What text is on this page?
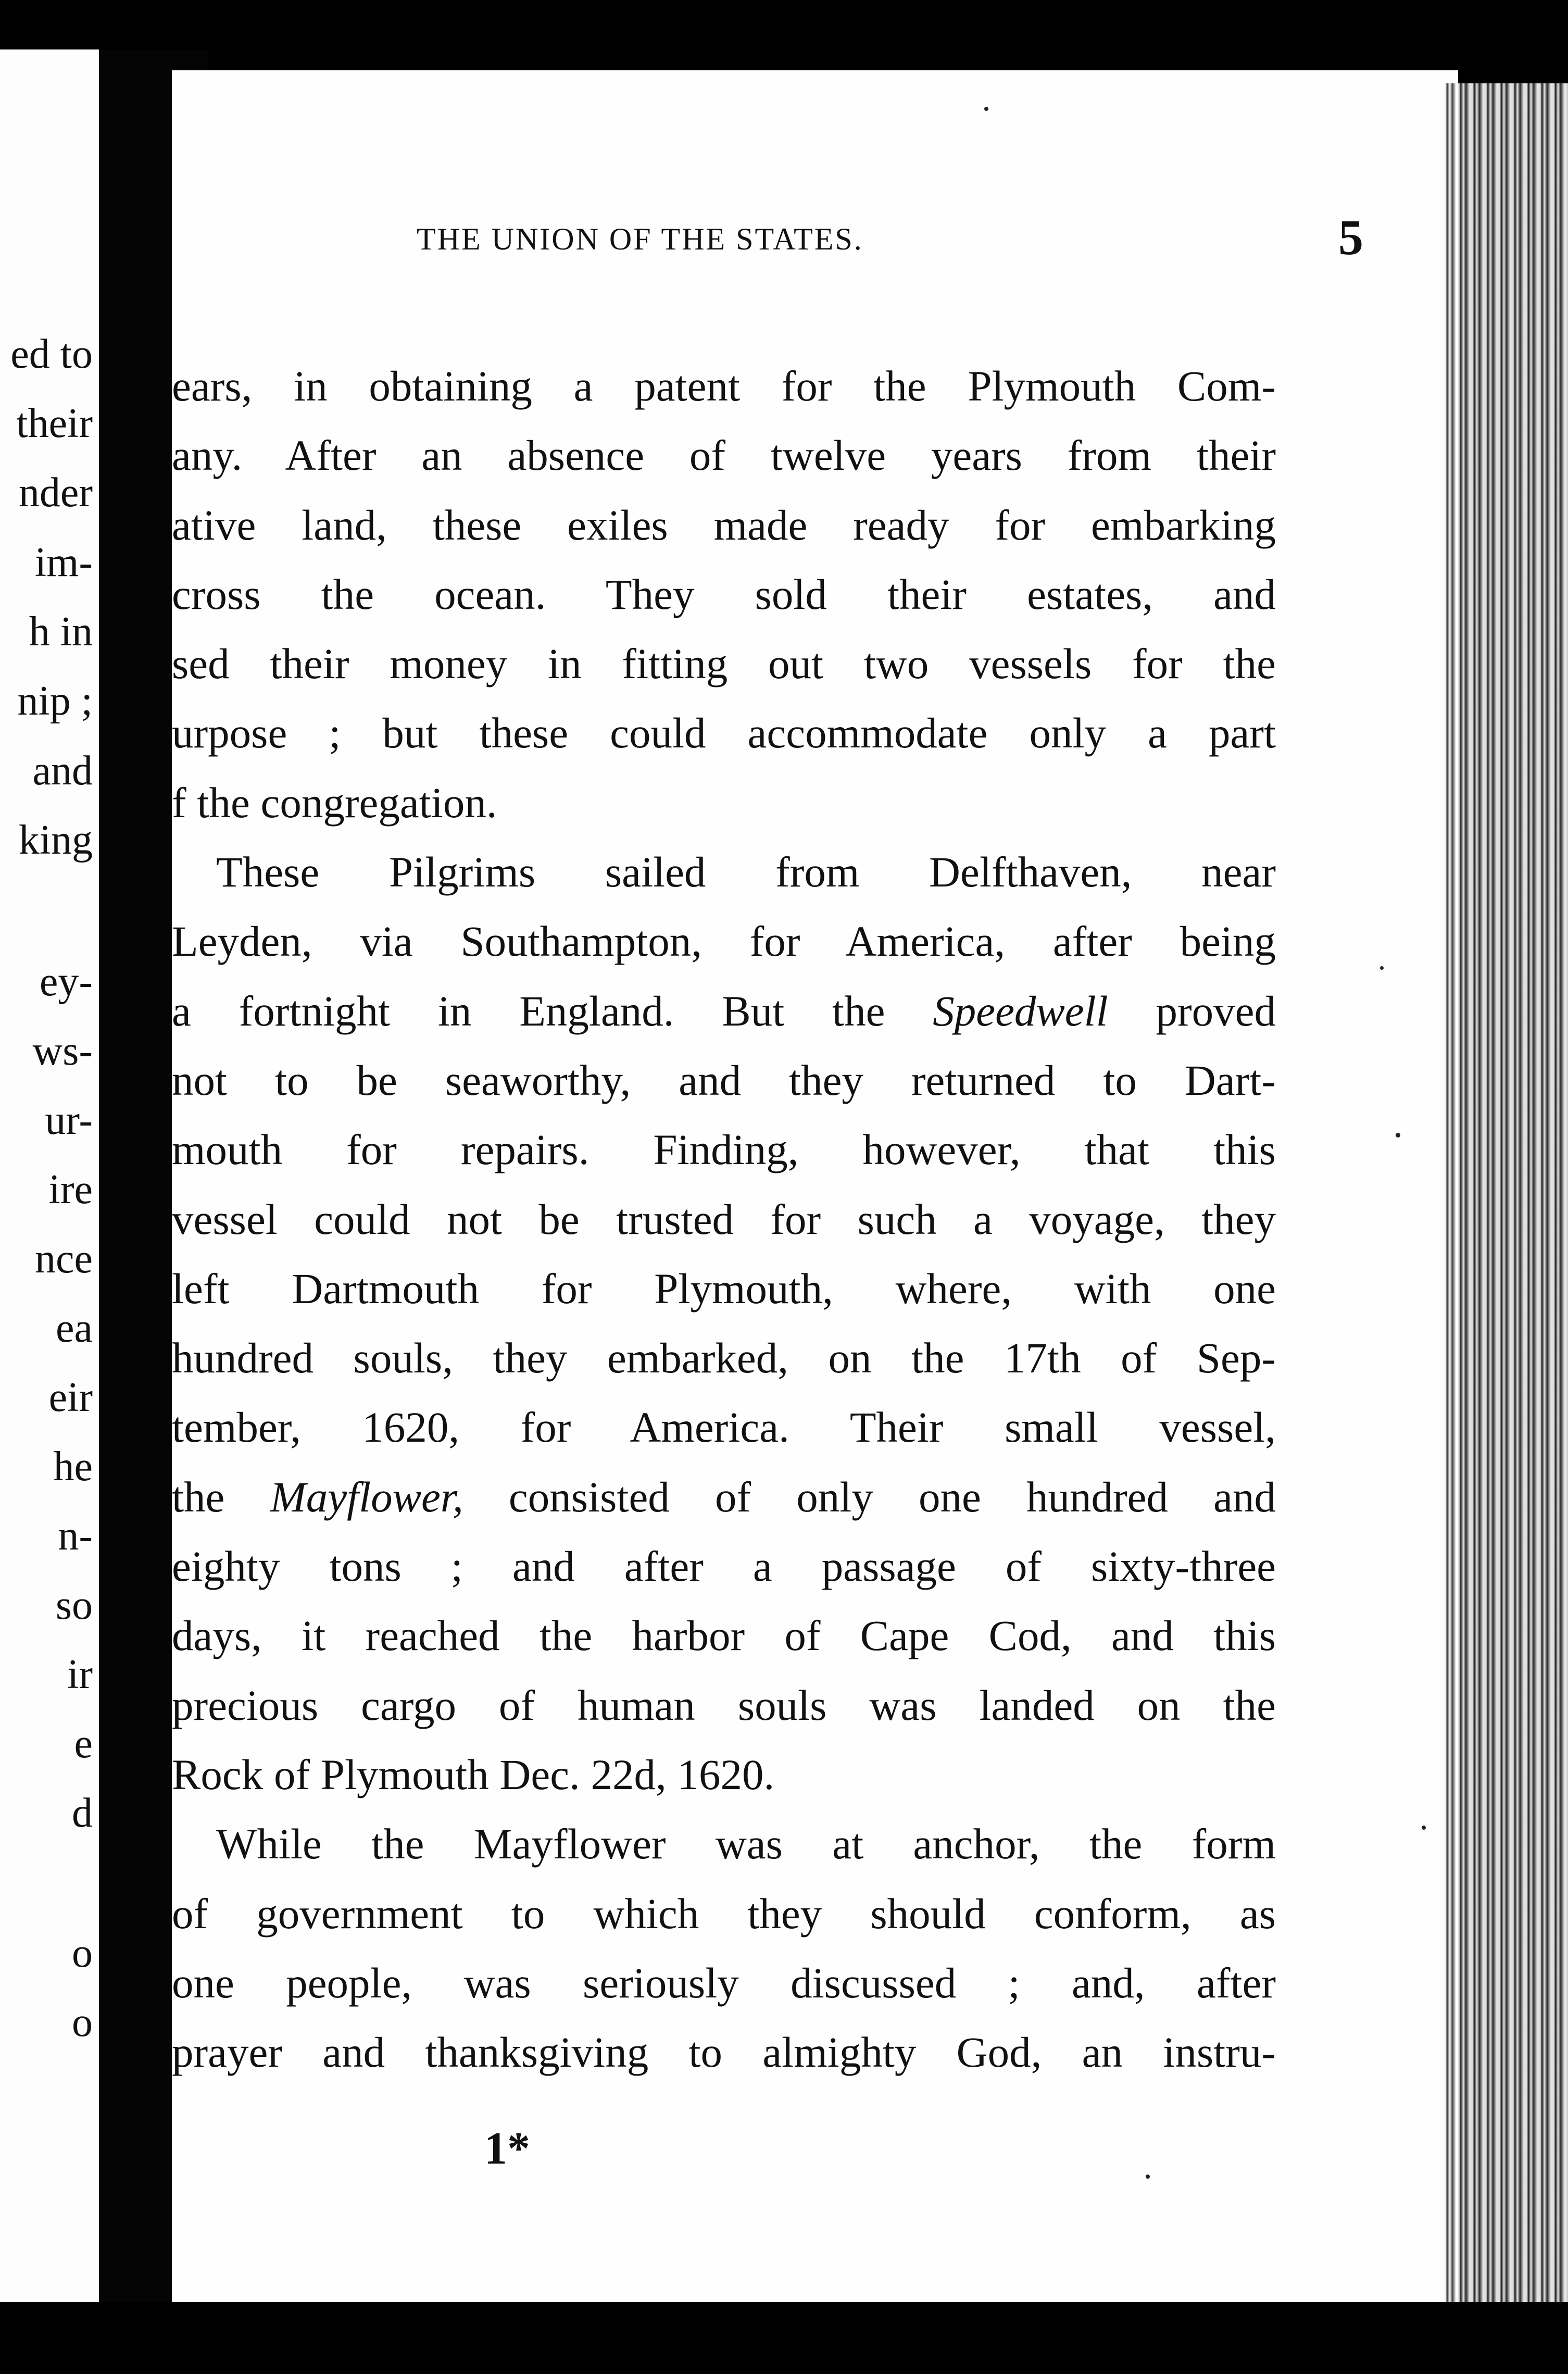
ed to
their
nder
im-
h in
nip ;
and
king
ey-
ws-
ur-
ire
nce
ea
eir
he
n-
so
ir
e
d
o
o
THE UNION OF THE STATES.	5
ears, in obtaining a patent for the Plymouth Com-
any. After an absence of twelve years from their
ative land, these exiles made ready for embarking
cross the ocean. They sold their estates, and
sed their money in fitting out two vessels for the
urpose ; but these could accommodate only a part
f the congregation.
These Pilgrims sailed from Delfthaven, near
Leyden, via Southampton, for America, after being
a fortnight in England. But the Speedwell proved
not to be seaworthy, and they returned to Dart-
mouth for repairs. Finding, however, that this
vessel could not be trusted for such a voyage, they
left Dartmouth for Plymouth, where, with one
hundred souls, they embarked, on the 17th of Sep-
tember, 1620, for America. Their small vessel,
the Mayflower, consisted of only one hundred and
eighty tons ; and after a passage of sixty-three
days, it reached the harbor of Cape Cod, and this
precious cargo of human souls was landed on the
Rock of Plymouth Dec. 22d, 1620.
While the Mayflower was at anchor, the form
of government to which they should conform, as
one people, was seriously discussed ; and, after
prayer and thanksgiving to almighty God, an instru-
1*
